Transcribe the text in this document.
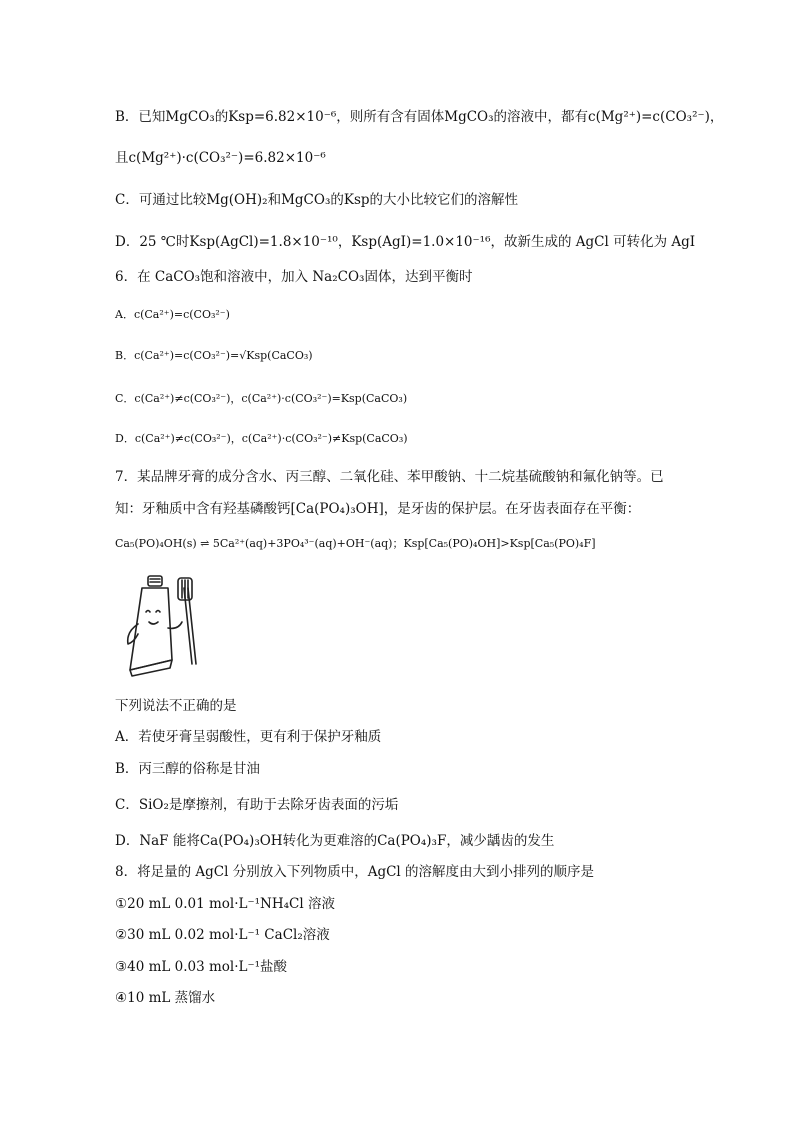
B．已知MgCO₃的Ksp=6.82×10⁻⁶，则所有含有固体MgCO₃的溶液中，都有c(Mg²⁺)=c(CO₃²⁻)，
且c(Mg²⁺)·c(CO₃²⁻)=6.82×10⁻⁶
C．可通过比较Mg(OH)₂和MgCO₃的Ksp的大小比较它们的溶解性
D．25 ℃时Ksp(AgCl)=1.8×10⁻¹⁰，Ksp(AgI)=1.0×10⁻¹⁶，故新生成的 AgCl 可转化为 AgI
6．在 CaCO₃饱和溶液中，加入 Na₂CO₃固体，达到平衡时
A．c(Ca²⁺)=c(CO₃²⁻)
B．c(Ca²⁺)=c(CO₃²⁻)=√Ksp(CaCO₃)
C．c(Ca²⁺)≠c(CO₃²⁻)，c(Ca²⁺)·c(CO₃²⁻)=Ksp(CaCO₃)
D．c(Ca²⁺)≠c(CO₃²⁻)，c(Ca²⁺)·c(CO₃²⁻)≠Ksp(CaCO₃)
7．某品牌牙膏的成分含水、丙三醇、二氧化硅、苯甲酸钠、十二烷基硫酸钠和氟化钠等。已
知：牙釉质中含有羟基磷酸钙[Ca(PO₄)₃OH]，是牙齿的保护层。在牙齿表面存在平衡：
Ca₅(PO)₄OH(s) ⇌ 5Ca²⁺(aq)+3PO₄³⁻(aq)+OH⁻(aq)；Ksp[Ca₅(PO)₄OH]>Ksp[Ca₅(PO)₄F]
下列说法不正确的是
A．若使牙膏呈弱酸性，更有利于保护牙釉质
B．丙三醇的俗称是甘油
C．SiO₂是摩擦剂，有助于去除牙齿表面的污垢
D．NaF 能将Ca(PO₄)₃OH转化为更难溶的Ca(PO₄)₃F，减少龋齿的发生
8．将足量的 AgCl 分别放入下列物质中，AgCl 的溶解度由大到小排列的顺序是
①20 mL 0.01 mol·L⁻¹NH₄Cl 溶液
②30 mL 0.02 mol·L⁻¹ CaCl₂溶液
③40 mL 0.03 mol·L⁻¹盐酸
④10 mL 蒸馏水
